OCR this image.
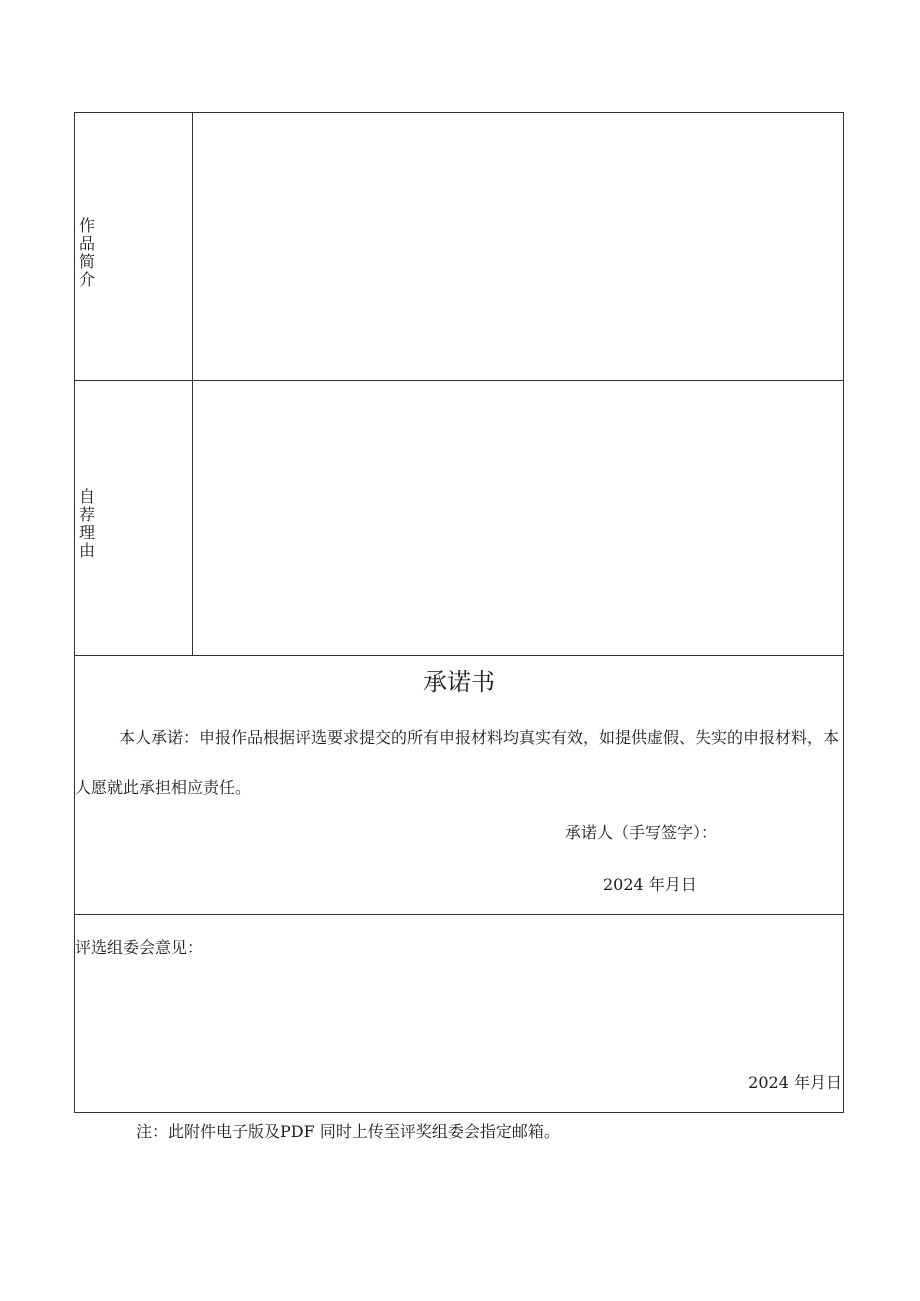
作品简介
自荐理由
承诺书
本人承诺：申报作品根据评选要求提交的所有申报材料均真实有效，如提供虚假、失实的申报材料，本人愿就此承担相应责任。
承诺人（手写签字）：
2024 年月日
评选组委会意见：
2024 年月日
注：此附件电子版及PDF 同时上传至评奖组委会指定邮箱。
